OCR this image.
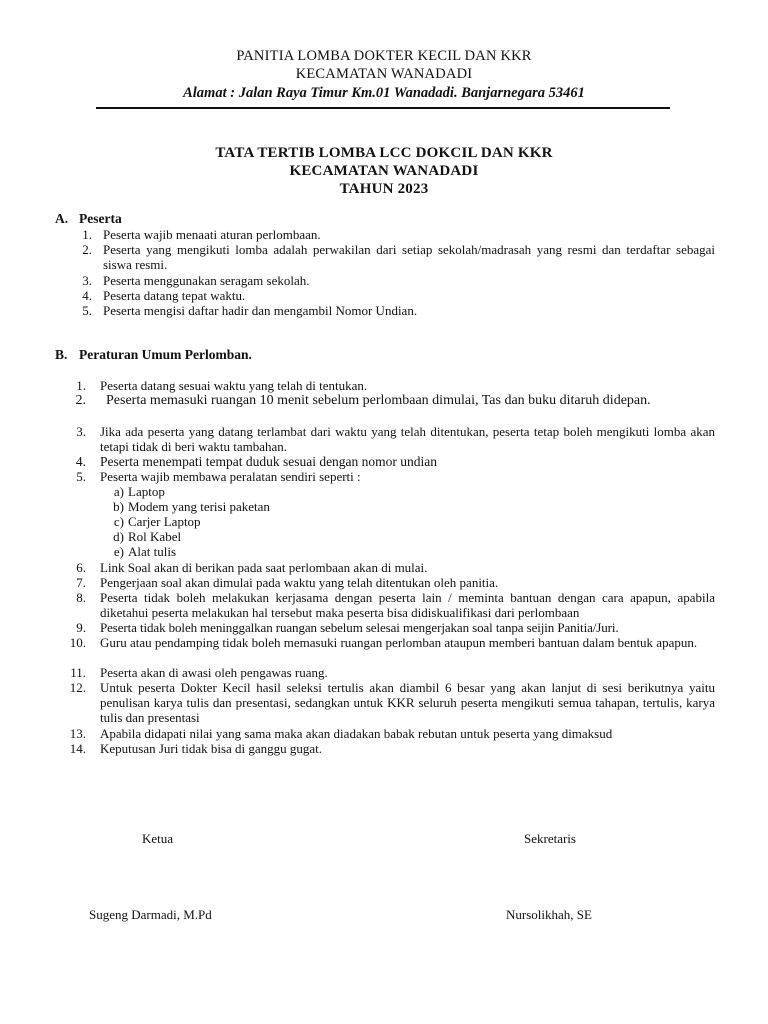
PANITIA LOMBA DOKTER KECIL DAN KKR
KECAMATAN WANADADI
Alamat : Jalan Raya Timur Km.01 Wanadadi. Banjarnegara 53461
TATA TERTIB LOMBA LCC DOKCIL DAN KKR
KECAMATAN WANADADI
TAHUN 2023
A. Peserta
1. Peserta wajib menaati aturan perlombaan.
2. Peserta yang mengikuti lomba adalah perwakilan dari setiap sekolah/madrasah yang resmi dan terdaftar sebagai siswa resmi.
3. Peserta menggunakan seragam sekolah.
4. Peserta datang tepat waktu.
5. Peserta mengisi daftar hadir dan mengambil Nomor Undian.
B. Peraturan Umum Perlomban.
1. Peserta datang sesuai waktu yang telah di tentukan.
2.	Peserta memasuki ruangan 10 menit sebelum perlombaan dimulai, Tas dan buku ditaruh didepan.
3. Jika ada peserta yang datang terlambat dari waktu yang telah ditentukan, peserta tetap boleh mengikuti lomba akan tetapi tidak di beri waktu tambahan.
4. Peserta menempati tempat duduk sesuai dengan nomor undian
5. Peserta wajib membawa peralatan sendiri seperti :
a) Laptop
b) Modem yang terisi paketan
c) Carjer Laptop
d) Rol Kabel
e) Alat tulis
6. Link Soal akan di berikan pada saat perlombaan akan di mulai.
7. Pengerjaan soal akan dimulai pada waktu yang telah ditentukan oleh panitia.
8. Peserta tidak boleh melakukan kerjasama dengan peserta lain / meminta bantuan dengan cara apapun, apabila diketahui peserta melakukan hal tersebut maka peserta bisa didiskualifikasi dari perlombaan
9. Peserta tidak boleh meninggalkan ruangan sebelum selesai mengerjakan soal tanpa seijin Panitia/Juri.
10. Guru atau pendamping tidak boleh memasuki ruangan perlomban ataupun memberi bantuan dalam bentuk apapun.
11. Peserta akan di awasi oleh pengawas ruang.
12. Untuk peserta Dokter Kecil hasil seleksi tertulis akan diambil 6 besar yang akan lanjut di sesi berikutnya yaitu penulisan karya tulis dan presentasi, sedangkan untuk KKR seluruh peserta mengikuti semua tahapan, tertulis, karya tulis dan presentasi
13. Apabila didapati nilai yang sama maka akan diadakan babak rebutan untuk peserta yang dimaksud
14. Keputusan Juri tidak bisa di ganggu gugat.
Ketua	Sekretaris
Sugeng Darmadi, M.Pd	Nursolikhah, SE
